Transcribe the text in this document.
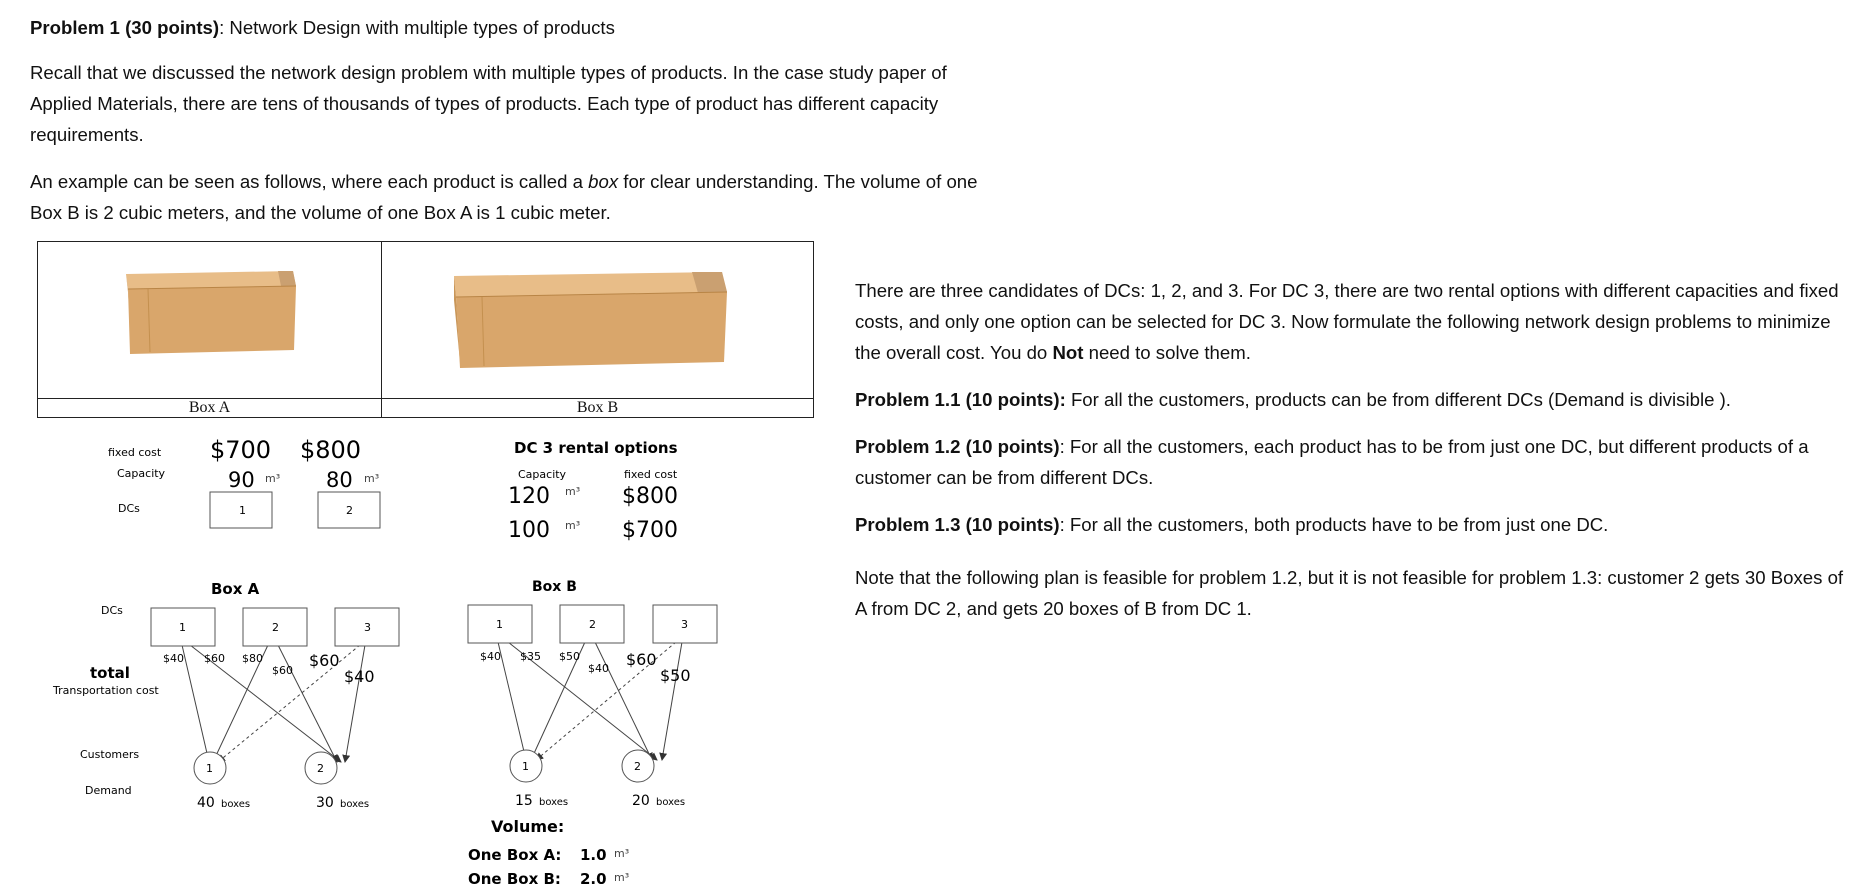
Problem 1 (30 points): Network Design with multiple types of products
Recall that we discussed the network design problem with multiple types of products. In the case study paper of Applied Materials, there are tens of thousands of types of products. Each type of product has different capacity requirements.
An example can be seen as follows, where each product is called a box for clear understanding. The volume of one Box B is 2 cubic meters, and the volume of one Box A is 1 cubic meter.
Box A	Box B
fixed cost
Capacity
DCs
$700 $800
90 m³ 80 m³
1	2
DC 3 rental options
Capacity	fixed cost
120 m³ $800
100 m³ $700
DCs
total
Transportation cost
Customers
Demand
Box A
1	2	3
$40 $60 $80
$60
$60
$40
1	2
40 boxes	30 boxes
Box B
1	2	3
$40 $35 $50
$40 $60
$50
1	2
15 boxes	20 boxes
Volume:
One Box A: 1.0 m³
One Box B: 2.0 m³
There are three candidates of DCs: 1, 2, and 3. For DC 3, there are two rental options with different capacities and fixed costs, and only one option can be selected for DC 3. Now formulate the following network design problems to minimize the overall cost. You do Not need to solve them.
Problem 1.1 (10 points): For all the customers, products can be from different DCs (Demand is divisible ).
Problem 1.2 (10 points): For all the customers, each product has to be from just one DC, but different products of a customer can be from different DCs.
Problem 1.3 (10 points): For all the customers, both products have to be from just one DC.
Note that the following plan is feasible for problem 1.2, but it is not feasible for problem 1.3: customer 2 gets 30 Boxes of A from DC 2, and gets 20 boxes of B from DC 1.
